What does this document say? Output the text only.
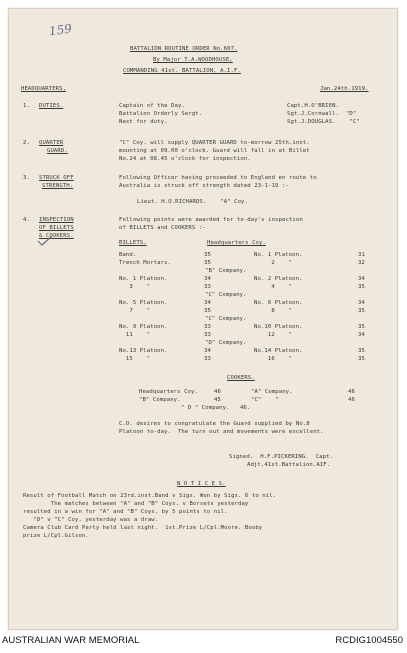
159
BATTALION ROUTINE ORDER No.607.
By Major T.A.WOODHOUSE,
COMMANDING 41st. BATTALION, A.I.F.
HEADQUARTERS,	Jan.24th.1919.
1. DUTIES.	Captain of the Day.	Capt.H.O'BRIEN.
Battalion Orderly Sergt.	Sgt.J.Cornwall.  "D"
Next for duty.	Sgt.J.DOUGLAS.    "C"
2. QUARTER
GUARD.
"C" Coy. will supply QUARTER GUARD to-morrow 25th.inst.
mounting at 09.00 o'clock. Guard will fall in at Billet
No.24 at 08.45 o'clock for inspection.
3. STRUCK OFF
STRENGTH.
Following Officer having proceeded to England en route to
Australia is struck off strength dated 23-1-19 :-
Lieut. H.O.RICHARDS.    "A" Coy.
4. INSPECTION
OF BILLETS
& COOKERS.
Following points were awarded for to-day's inspection
of BILLETS and COOKERS :-
BILLETS.	Headquarters Coy.
Band.	35	No. 1 Platoon.	31
Trench Mortars.	35	2    "	32
"B" Company.
No. 1 Platoon.	34	No. 2 Platoon.	34
3    "	33	4    "	35
"C" Company.
No. 5 Platoon.	34	No. 6 Platoon.	34
7    "	35	8    "	35
"C" Company.
No. 9 Platoon.	33	No.10 Platoon.	35
11    "	33	12    "	34
"D" Company.
No.13 Platoon.	34	No.14 Platoon.	35
15    "	33	16    "	35
COOKERS.
Headquarters Coy.	46	"A" Company.	46
"B" Company.	45	"C"    "	46
" D " Company.   46.
C.O. desires to congratulate the Guard supplied by No.8
Platoon to-day.  The turn out and movements were excellent.
Signed.  H.F.PICKERING.  Capt.
Adjt.41st.Battalion.AIF.
N O T I C E S.
Result of Football Match on 23rd.inst.Band v Sigs. Won by Sigs. 6 to nil.
The matches between "A" and "B" Coys. v Borsets yesterday
resulted in a win for "A" and "B" Coys. by 5 points to nil.
"D" v "C" Coy. yesterday was a draw.
Camera Club Card Party held last night.  1st.Prize L/Cpl.Moore. Booby
prize L/Cpl.Gilson.
AUSTRALIAN WAR MEMORIAL	RCDIG1004550
